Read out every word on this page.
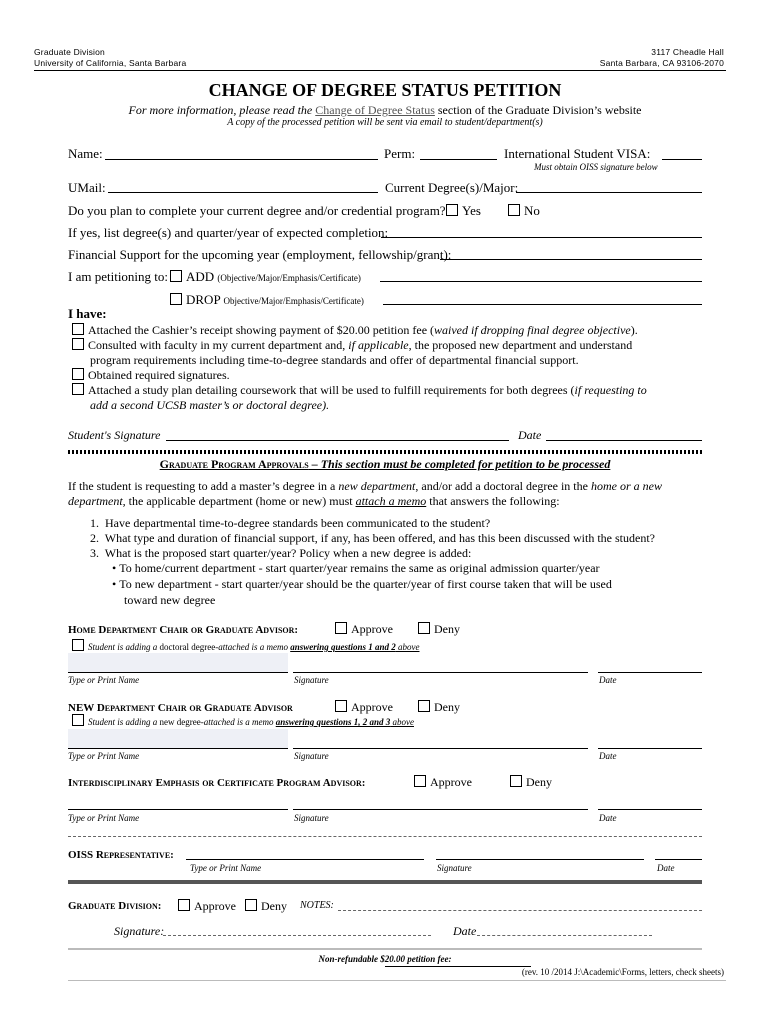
Graduate Division
University of California, Santa Barbara
3117 Cheadle Hall
Santa Barbara, CA 93106-2070
CHANGE OF DEGREE STATUS PETITION
For more information, please read the Change of Degree Status section of the Graduate Division’s website
A copy of the processed petition will be sent via email to student/department(s)
Name:	Perm:	International Student VISA:
Must obtain OISS signature below
UMail:	Current Degree(s)/Major:
Do you plan to complete your current degree and/or credential program?	Yes	No
If yes, list degree(s) and quarter/year of expected completion:
Financial Support for the upcoming year (employment, fellowship/grant):
I am petitioning to:	ADD (Objective/Major/Emphasis/Certificate)
DROP Objective/Major/Emphasis/Certificate)
I have:
Attached the Cashier’s receipt showing payment of $20.00 petition fee (waived if dropping final degree objective).
Consulted with faculty in my current department and, if applicable, the proposed new department and understand
program requirements including time-to-degree standards and offer of departmental financial support.
Obtained required signatures.
Attached a study plan detailing coursework that will be used to fulfill requirements for both degrees (if requesting to
add a second UCSB master’s or doctoral degree).
Student's Signature	Date
Graduate Program Approvals – This section must be completed for petition to be processed
If the student is requesting to add a master’s degree in a new department, and/or add a doctoral degree in the home or a new
department, the applicable department (home or new) must attach a memo that answers the following:
1.  Have departmental time-to-degree standards been communicated to the student?
2.  What type and duration of financial support, if any, has been offered, and has this been discussed with the student?
3.  What is the proposed start quarter/year? Policy when a new degree is added:
• To home/current department - start quarter/year remains the same as original admission quarter/year
• To new department - start quarter/year should be the quarter/year of first course taken that will be used
toward new degree
Home Department Chair or Graduate Advisor:	Approve	Deny
Student is adding a doctoral degree-attached is a memo answering questions 1 and 2 above
Type or Print Name	Signature	Date
NEW Department Chair or Graduate Advisor	Approve	Deny
Student is adding a new degree-attached is a memo answering questions 1, 2 and 3 above
Type or Print Name	Signature	Date
Interdisciplinary Emphasis or Certificate Program Advisor:	Approve	Deny
Type or Print Name	Signature	Date
OISS Representative:
Type or Print Name	Signature	Date
Graduate Division:	Approve	Deny NOTES:
Signature:	Date
Non-refundable $20.00 petition fee:
(rev. 10 /2014 J:\Academic\Forms, letters, check sheets)
